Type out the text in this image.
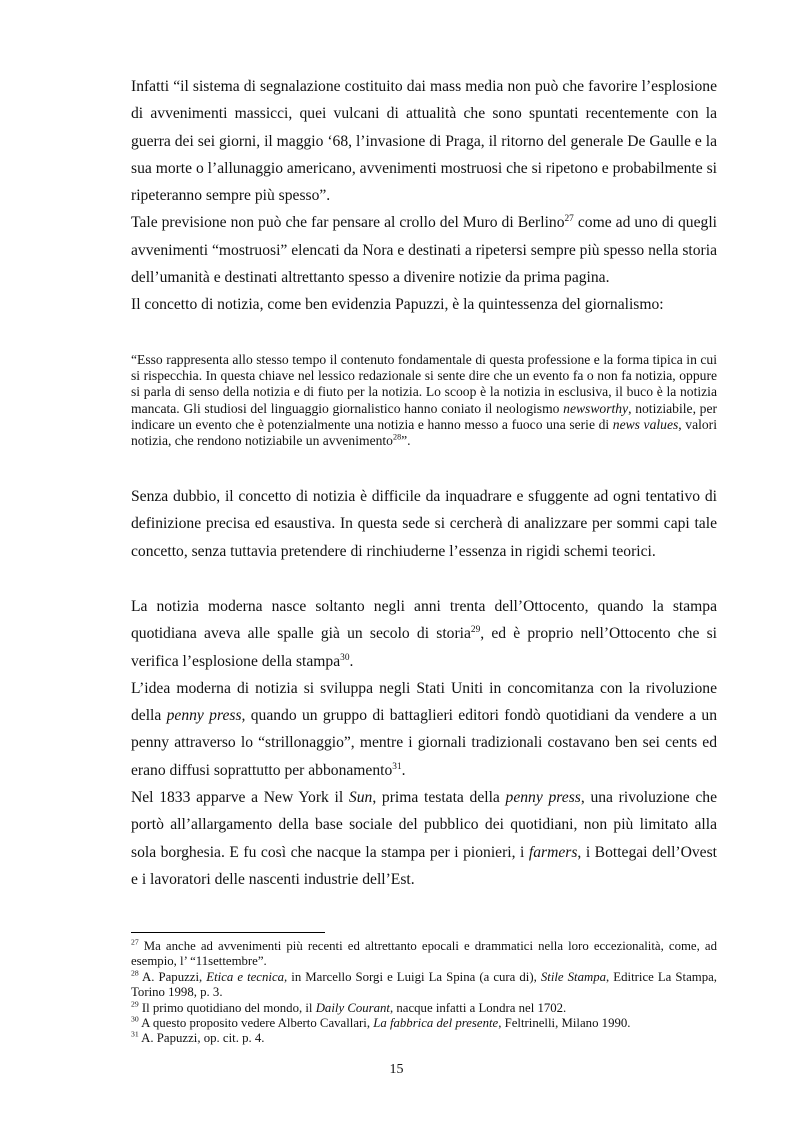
Infatti “il sistema di segnalazione costituito dai mass media non può che favorire l’esplosione di avvenimenti massicci, quei vulcani di attualità che sono spuntati recentemente con la guerra dei sei giorni, il maggio ‘68, l’invasione di Praga, il ritorno del generale De Gaulle e la sua morte o l’allunaggio americano, avvenimenti mostruosi che si ripetono e probabilmente si ripeteranno sempre più spesso”.

Tale previsione non può che far pensare al crollo del Muro di Berlino$^{27}$ come ad uno di quegli avvenimenti “mostruosi” elencati da Nora e destinati a ripetersi sempre più spesso nella storia dell’umanità e destinati altrettanto spesso a divenire notizie da prima pagina.

Il concetto di notizia, come ben evidenzia Papuzzi, è la quintessenza del giornalismo:

“Esso rappresenta allo stesso tempo il contenuto fondamentale di questa professione e la forma tipica in cui si rispecchia. In questa chiave nel lessico redazionale si sente dire che un evento fa o non fa notizia, oppure si parla di senso della notizia e di fiuto per la notizia. Lo scoop è la notizia in esclusiva, il buco è la notizia mancata. Gli studiosi del linguaggio giornalistico hanno coniato il neologismo newsworthy, notiziabile, per indicare un evento che è potenzialmente una notizia e hanno messo a fuoco una serie di news values, valori notizia, che rendono notiziabile un avvenimento$^{28}$”.

Senza dubbio, il concetto di notizia è difficile da inquadrare e sfuggente ad ogni tentativo di definizione precisa ed esaustiva. In questa sede si cercherà di analizzare per sommi capi tale concetto, senza tuttavia pretendere di rinchiuderne l’essenza in rigidi schemi teorici.

La notizia moderna nasce soltanto negli anni trenta dell’Ottocento, quando la stampa quotidiana aveva alle spalle già un secolo di storia$^{29}$, ed è proprio nell’Ottocento che si verifica l’esplosione della stampa$^{30}$.

L’idea moderna di notizia si sviluppa negli Stati Uniti in concomitanza con la rivoluzione della penny press, quando un gruppo di battaglieri editori fondò quotidiani da vendere a un penny attraverso lo “strillonaggio”, mentre i giornali tradizionali costavano ben sei cents ed erano diffusi soprattutto per abbonamento$^{31}$.

Nel 1833 apparve a New York il Sun, prima testata della penny press, una rivoluzione che portò all’allargamento della base sociale del pubblico dei quotidiani, non più limitato alla sola borghesia. E fu così che nacque la stampa per i pionieri, i farmers, i Bottegai dell’Ovest e i lavoratori delle nascenti industrie dell’Est.

$^{27}$ Ma anche ad avvenimenti più recenti ed altrettanto epocali e drammatici nella loro eccezionalità, come, ad esempio, l’ “11settembre”.

$^{28}$ A. Papuzzi, Etica e tecnica, in Marcello Sorgi e Luigi La Spina (a cura di), Stile Stampa, Editrice La Stampa, Torino 1998, p. 3.

$^{29}$ Il primo quotidiano del mondo, il Daily Courant, nacque infatti a Londra nel 1702.

$^{30}$ A questo proposito vedere Alberto Cavallari, La fabbrica del presente, Feltrinelli, Milano 1990.

$^{31}$ A. Papuzzi, op. cit. p. 4.

15
